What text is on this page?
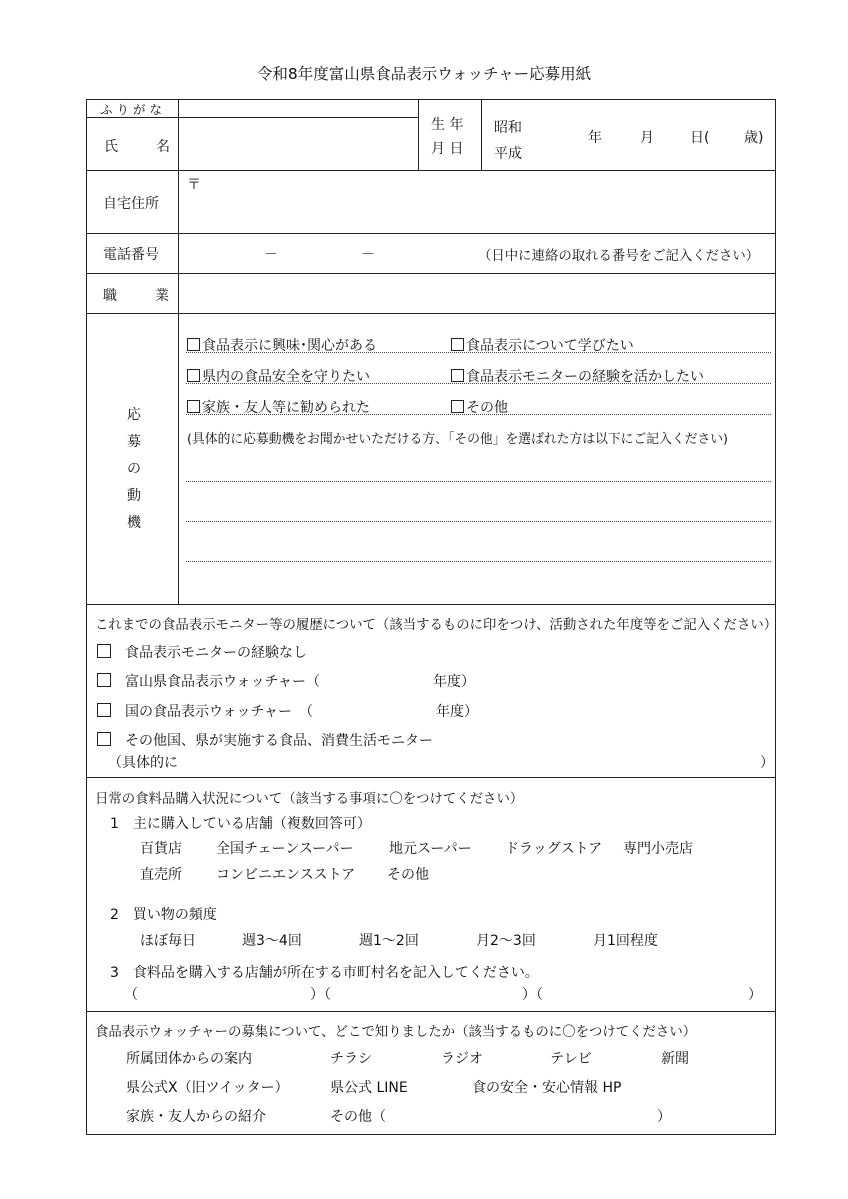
令和8年度富山県食品表示ウォッチャー応募用紙
ふりがな
氏　名
生 年
月 日
昭和
平成
年	月	日( 歳)
自宅住所
〒
電話番号	－	－	（日中に連絡の取れる番号をご記入ください）
職　業
応募の動機
食品表示に興味･関心がある	食品表示について学びたい
県内の食品安全を守りたい	食品表示モニターの経験を活かしたい
家族・友人等に勧められた	その他
(具体的に応募動機をお聞かせいただける方、「その他」を選ばれた方は以下にご記入ください)
これまでの食品表示モニター等の履歴について（該当するものに印をつけ、活動された年度等をご記入ください）
食品表示モニターの経験なし
富山県食品表示ウォッチャー（	年度）
国の食品表示ウォッチャー　（	年度）
その他国、県が実施する食品、消費生活モニター
（具体的に	）
日常の食料品購入状況について（該当する事項に〇をつけてください）
1　主に購入している店舗（複数回答可）
百貨店 全国チェーンスーパー	地元スーパー ドラッグストア 専門小売店
直売所 コンビニエンスストア その他
2　買い物の頻度
ほぼ毎日	週3～4回	週1～2回	月2～3回	月1回程度
3　食料品を購入する店舗が所在する市町村名を記入してください。
（	）（	）（	）
食品表示ウォッチャーの募集について、どこで知りましたか（該当するものに〇をつけてください）
所属団体からの案内	チラシ	ラジオ	テレビ	新聞
県公式X（旧ツイッター）	県公式 LINE	食の安全・安心情報 HP
家族・友人からの紹介	その他（	）
